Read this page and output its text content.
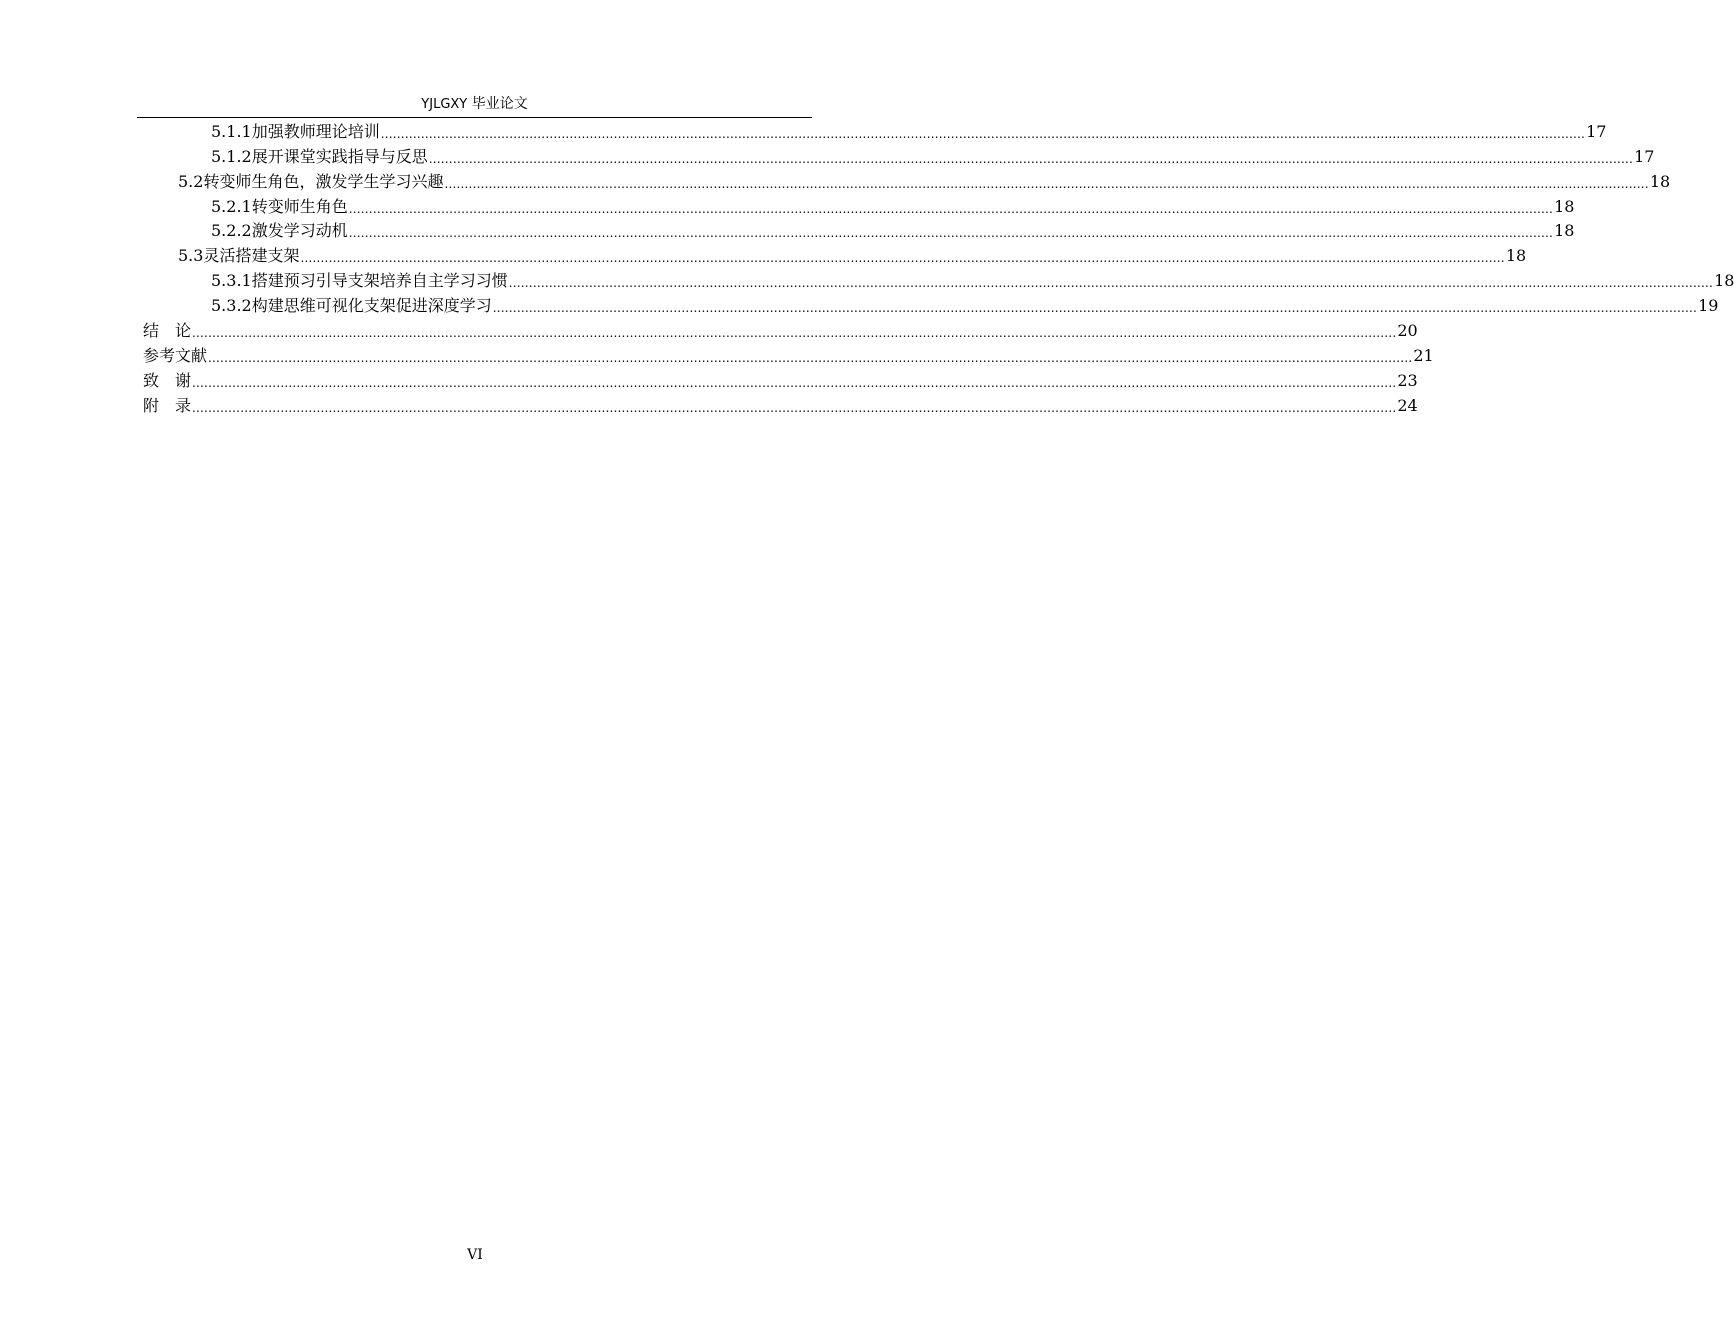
YJLGXY 毕业论文
5.1.1 加强教师理论培训 ............................................................................................................................................................................................................................................................................................................ 17
5.1.2 展开课堂实践指导与反思 ............................................................................................................................................................................................................................................................................................................ 17
5.2 转变师生角色，激发学生学习兴趣 ............................................................................................................................................................................................................................................................................................................ 18
5.2.1 转变师生角色 ............................................................................................................................................................................................................................................................................................................ 18
5.2.2 激发学习动机 ............................................................................................................................................................................................................................................................................................................ 18
5.3 灵活搭建支架 ............................................................................................................................................................................................................................................................................................................ 18
5.3.1 搭建预习引导支架培养自主学习习惯 ............................................................................................................................................................................................................................................................................................................ 18
5.3.2 构建思维可视化支架促进深度学习 ............................................................................................................................................................................................................................................................................................................ 19
结　论 ............................................................................................................................................................................................................................................................................................................ 20
参考文献 ............................................................................................................................................................................................................................................................................................................ 21
致　谢 ............................................................................................................................................................................................................................................................................................................ 23
附　录 ............................................................................................................................................................................................................................................................................................................ 24
VI
